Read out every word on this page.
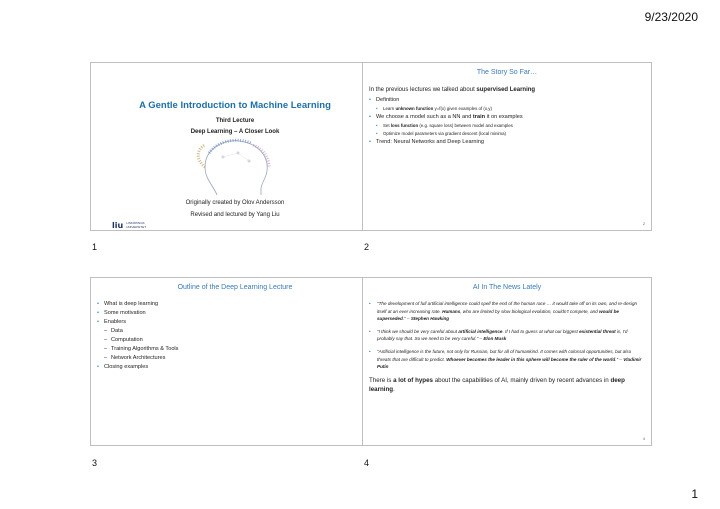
9/23/2020
A Gentle Introduction to Machine Learning
Third Lecture
Deep Learning – A Closer Look
Originally created by Olov Andersson
Revised and lectured by Yang Liu
liu LINKÖPINGS
UNIVERSITET
1
The Story So Far…
In the previous lectures we talked about supervised Learning
• Definition
• Learn unknown function y=f(x) given examples of (x,y)
• We choose a model such as a NN and train it on examples
• Set loss function (e.g. square loss) between model and examples
• Optimize model parameters via gradient descent (local minima)
• Trend: Neural Networks and Deep Learning
2
2
Outline of the Deep Learning Lecture
• What is deep learning
• Some motivation
• Enablers
– Data
– Computation
– Training Algorithms & Tools
– Network Architectures
• Closing examples
3
AI In The News Lately
• "The development of full artificial intelligence could spell the end of the human race … it would take off on its own, and re-design itself at an ever increasing rate. Humans, who are limited by slow biological evolution, couldn't compete, and would be superseded." – Stephen Hawking
• "I think we should be very careful about artificial intelligence. If I had to guess at what our biggest existential threat is, I'd probably say that. So we need to be very careful." – Elon Musk
• "Artificial intelligence is the future, not only for Russian, but for all of humankind. It comes with colossal opportunities, but also threats that are difficult to predict. Whoever becomes the leader in this sphere will become the ruler of the world." – Vladimir Putin
There is a lot of hypes about the capabilities of AI, mainly driven by recent advances in deep learning.
4
4
1
